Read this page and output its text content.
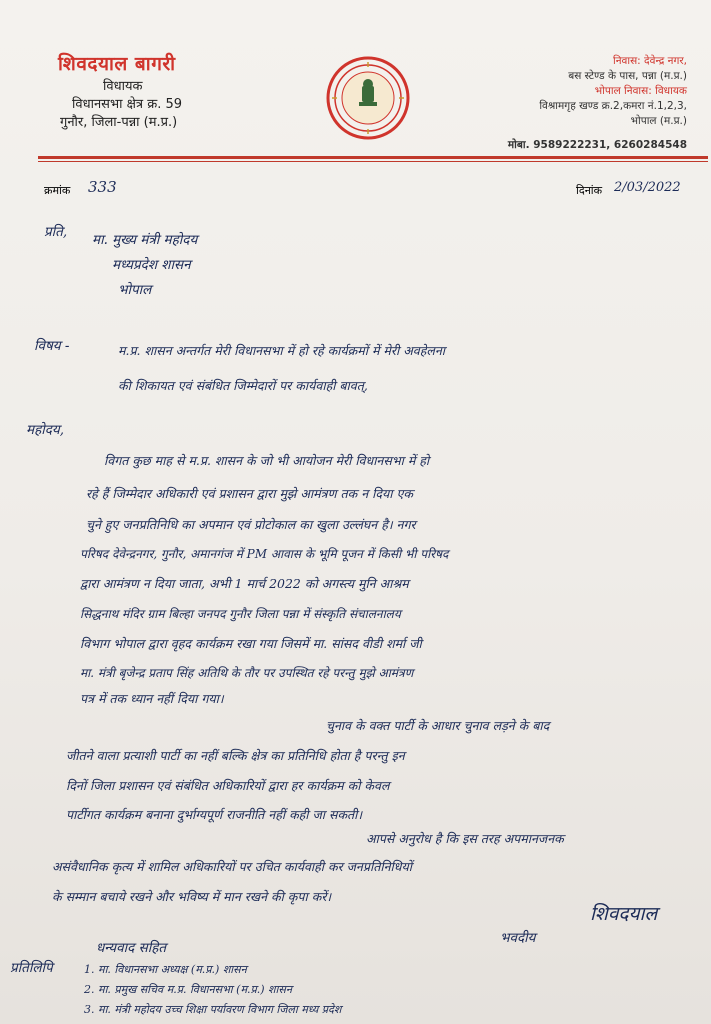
शिवदयाल बागरी
विधायक
विधानसभा क्षेत्र क्र. 59
गुनौर, जिला-पन्ना (म.प्र.)
निवास: देवेन्द्र नगर,
बस स्टेण्ड के पास, पन्ना (म.प्र.)
भोपाल निवास: विधायक
विश्रामगृह खण्ड क्र.2,कमरा नं.1,2,3,
भोपाल (म.प्र.)
मोबा. 9589222231, 6260284548
क्रमांक 333	दिनांक 2/03/2022
प्रति, मा. मुख्य मंत्री महोदय
मध्यप्रदेश शासन
भोपाल
विषय -	म.प्र. शासन अन्तर्गत मेरी विधानसभा में हो रहे कार्यक्रमों में मेरी अवहेलना
की शिकायत एवं संबंधित जिम्मेदारों पर कार्यवाही बावत्,
महोदय,
विगत कुछ माह से म.प्र. शासन के जो भी आयोजन मेरी विधानसभा में हो
रहे हैं जिम्मेदार अधिकारी एवं प्रशासन द्वारा मुझे आमंत्रण तक न दिया एक
चुने हुए जनप्रतिनिधि का अपमान एवं प्रोटोकाल का खुला उल्लंघन है। नगर
परिषद देवेन्द्रनगर, गुनौर, अमानगंज में PM आवास के भूमि पूजन में किसी भी परिषद
द्वारा आमंत्रण न दिया जाता, अभी 1 मार्च 2022 को अगस्त्य मुनि आश्रम
सिद्धनाथ मंदिर ग्राम बिल्हा जनपद गुनौर जिला पन्ना में संस्कृति संचालनालय
विभाग भोपाल द्वारा वृहद कार्यक्रम रखा गया जिसमें मा. सांसद वीडी शर्मा जी
मा. मंत्री बृजेन्द्र प्रताप सिंह अतिथि के तौर पर उपस्थित रहे परन्तु मुझे आमंत्रण
पत्र में तक ध्यान नहीं दिया गया।
चुनाव के वक्त पार्टी के आधार चुनाव लड़ने के बाद
जीतने वाला प्रत्याशी पार्टी का नहीं बल्कि क्षेत्र का प्रतिनिधि होता है परन्तु इन
दिनों जिला प्रशासन एवं संबंधित अधिकारियों द्वारा हर कार्यक्रम को केवल
पार्टीगत कार्यक्रम बनाना दुर्भाग्यपूर्ण राजनीति नहीं कही जा सकती।
आपसे अनुरोध है कि इस तरह अपमानजनक
असंवैधानिक कृत्य में शामिल अधिकारियों पर उचित कार्यवाही कर जनप्रतिनिधियों
के सम्मान बचाये रखने और भविष्य में मान रखने की कृपा करें।
शिवदयाल
भवदीय
धन्यवाद सहित
प्रतिलिपि	1. मा. विधानसभा अध्यक्ष (म.प्र.) शासन
2. मा. प्रमुख सचिव म.प्र. विधानसभा (म.प्र.) शासन
3. मा. मंत्री महोदय उच्च शिक्षा पर्यावरण विभाग जिला मध्य प्रदेश
